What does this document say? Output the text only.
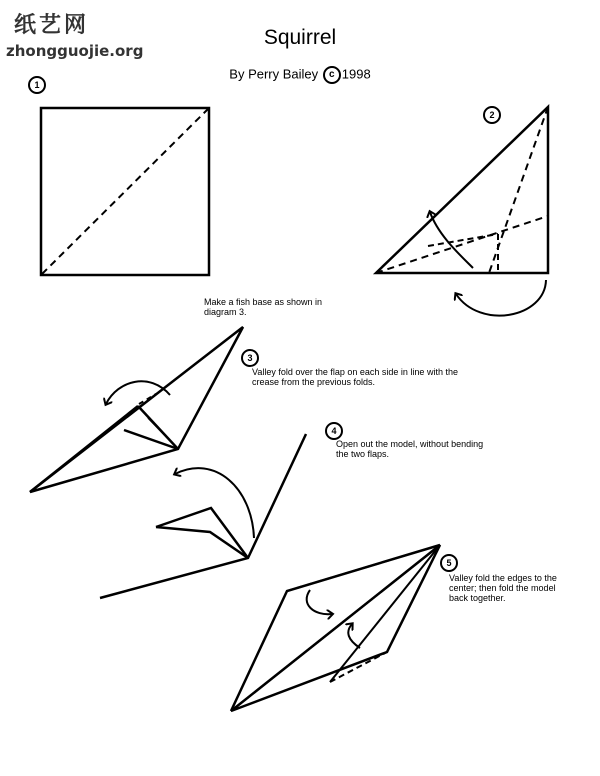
纸艺网
zhongguojie.org
Squirrel
By Perry Bailey c 1998
1
2
3
4
5
Make a fish base as shown in diagram 3.
Valley fold over the flap on each side in line with the crease from the previous folds.
Open out the model, without bending the two flaps.
Valley fold the edges to the center; then fold the model back together.
